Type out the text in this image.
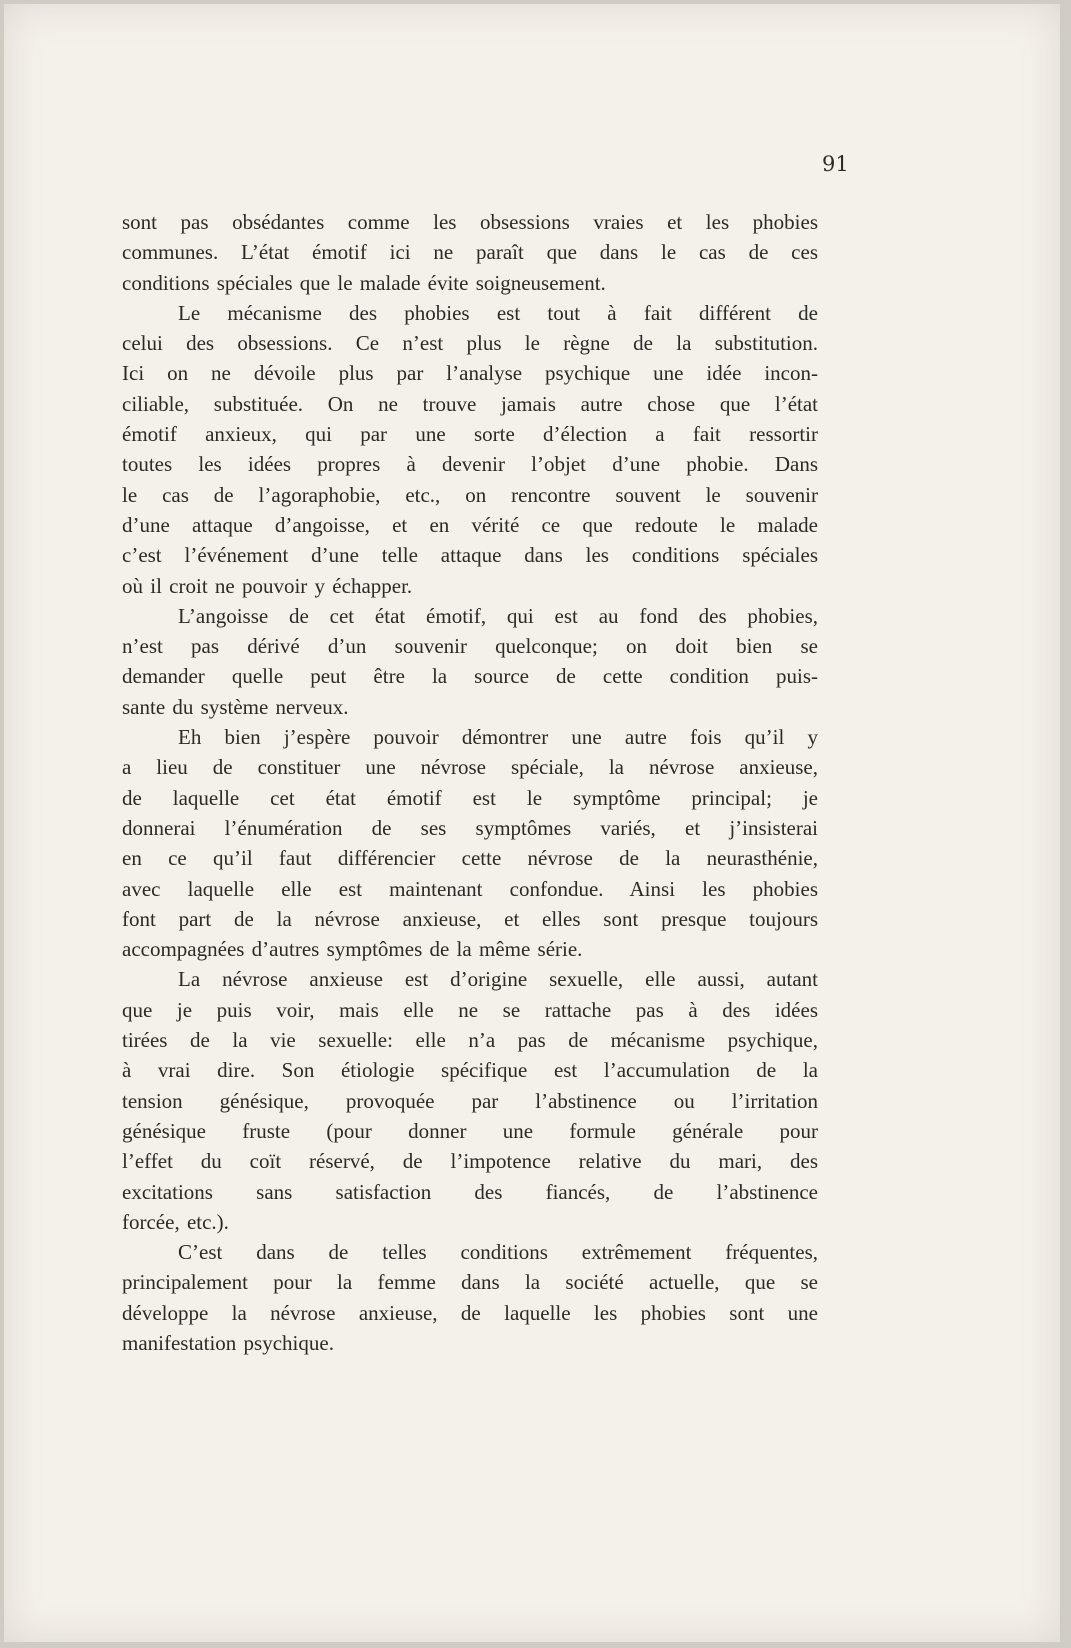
91

sont pas obsédantes comme les obsessions vraies et les phobies
communes. L’état émotif ici ne paraît que dans le cas de ces
conditions spéciales que le malade évite soigneusement.
Le mécanisme des phobies est tout à fait différent de
celui des obsessions. Ce n’est plus le règne de la substitution.
Ici on ne dévoile plus par l’analyse psychique une idée incon-
ciliable, substituée. On ne trouve jamais autre chose que l’état
émotif anxieux, qui par une sorte d’élection a fait ressortir
toutes les idées propres à devenir l’objet d’une phobie. Dans
le cas de l’agoraphobie, etc., on rencontre souvent le souvenir
d’une attaque d’angoisse, et en vérité ce que redoute le malade
c’est l’événement d’une telle attaque dans les conditions spéciales
où il croit ne pouvoir y échapper.
L’angoisse de cet état émotif, qui est au fond des phobies,
n’est pas dérivé d’un souvenir quelconque; on doit bien se
demander quelle peut être la source de cette condition puis-
sante du système nerveux.
Eh bien j’espère pouvoir démontrer une autre fois qu’il y
a lieu de constituer une névrose spéciale, la névrose anxieuse,
de laquelle cet état émotif est le symptôme principal; je
donnerai l’énumération de ses symptômes variés, et j’insisterai
en ce qu’il faut différencier cette névrose de la neurasthénie,
avec laquelle elle est maintenant confondue. Ainsi les phobies
font part de la névrose anxieuse, et elles sont presque toujours
accompagnées d’autres symptômes de la même série.
La névrose anxieuse est d’origine sexuelle, elle aussi, autant
que je puis voir, mais elle ne se rattache pas à des idées
tirées de la vie sexuelle: elle n’a pas de mécanisme psychique,
à vrai dire. Son étiologie spécifique est l’accumulation de la
tension génésique, provoquée par l’abstinence ou l’irritation
génésique fruste (pour donner une formule générale pour
l’effet du coït réservé, de l’impotence relative du mari, des
excitations sans satisfaction des fiancés, de l’abstinence
forcée, etc.).
C’est dans de telles conditions extrêmement fréquentes,
principalement pour la femme dans la société actuelle, que se
développe la névrose anxieuse, de laquelle les phobies sont une
manifestation psychique.
